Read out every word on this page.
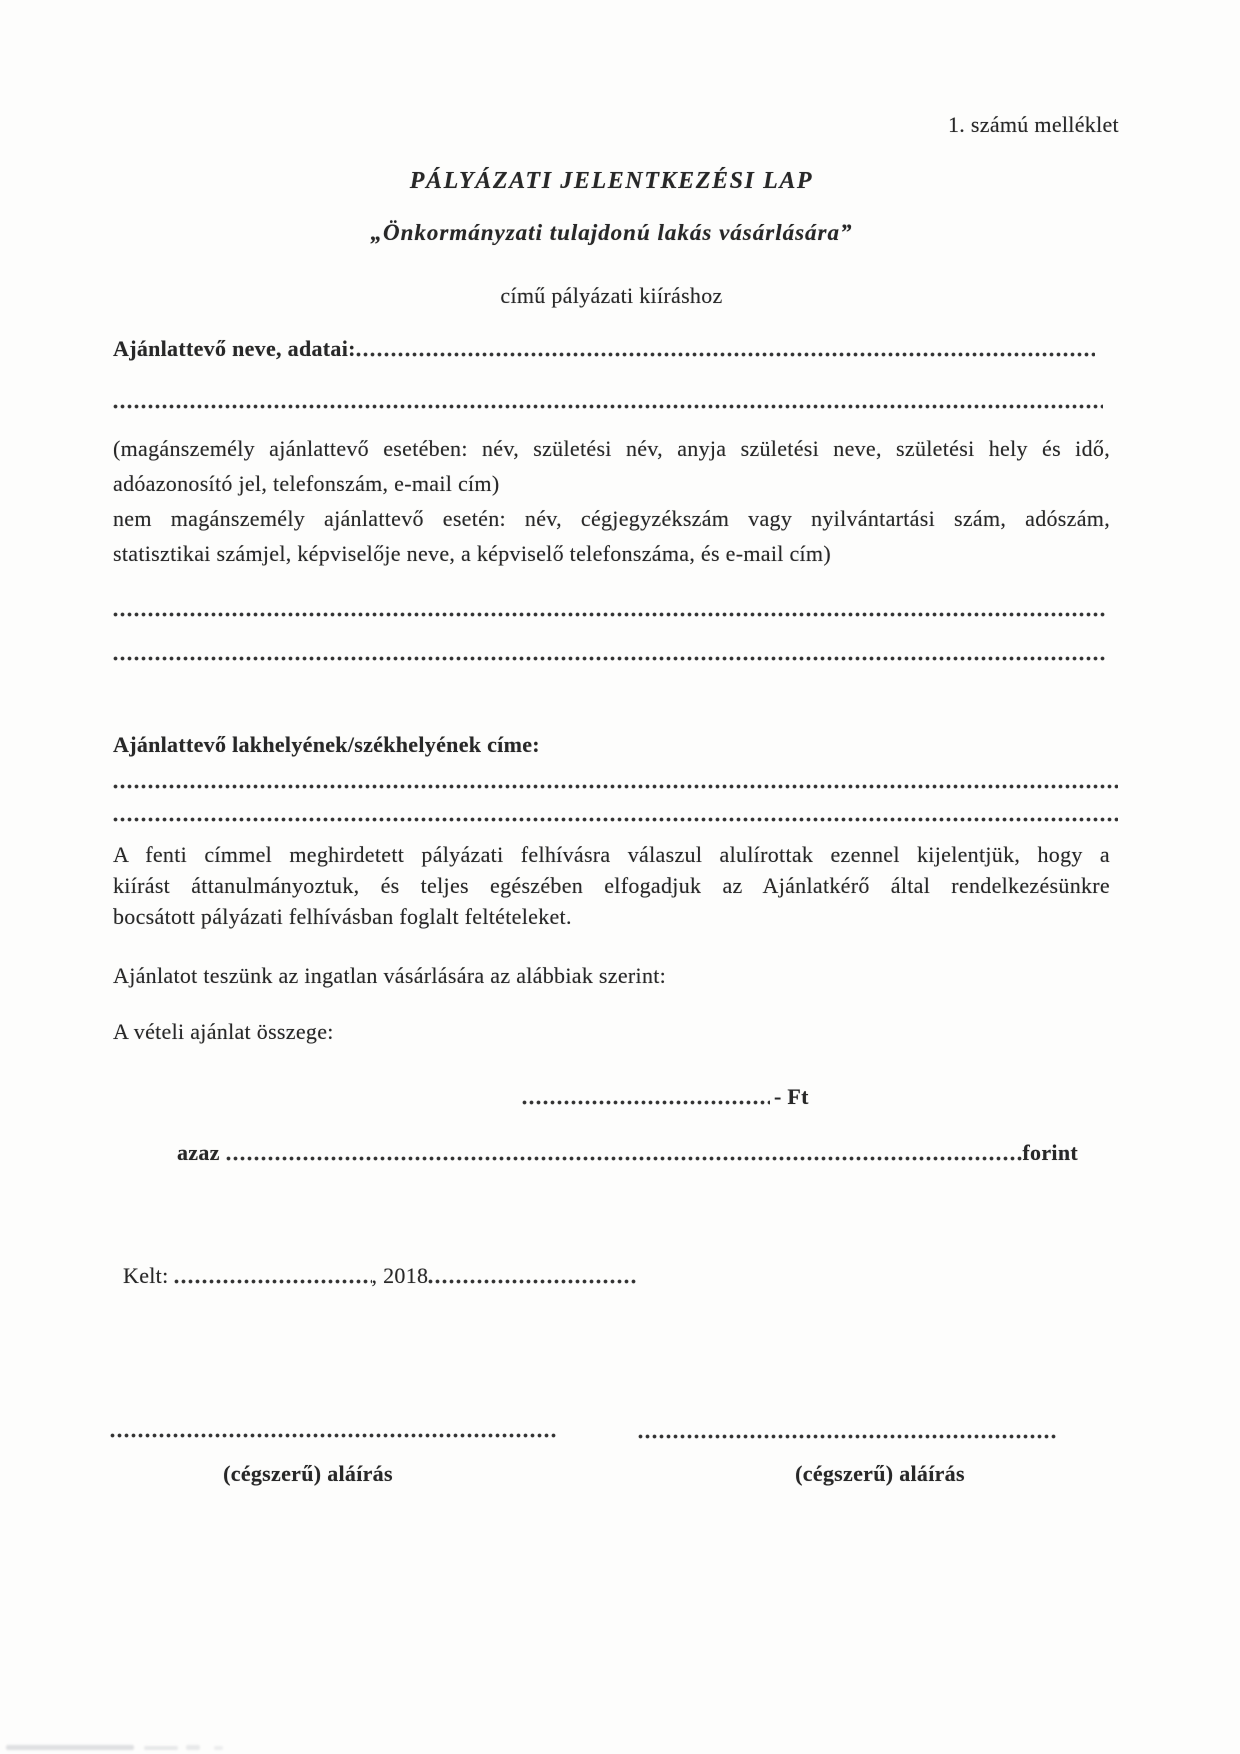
1. számú melléklet
PÁLYÁZATI JELENTKEZÉSI LAP
„Önkormányzati tulajdonú lakás vásárlására”
című pályázati kiíráshoz
Ajánlattevő neve, adatai:
(magánszemély ajánlattevő esetében: név, születési név, anyja születési neve, születési hely és idő,
adóazonosító jel, telefonszám, e-mail cím)
nem magánszemély ajánlattevő esetén: név, cégjegyzékszám vagy nyilvántartási szám, adószám,
statisztikai számjel, képviselője neve, a képviselő telefonszáma, és e-mail cím)
Ajánlattevő lakhelyének/székhelyének címe:
A fenti címmel meghirdetett pályázati felhívásra válaszul alulírottak ezennel kijelentjük, hogy a
kiírást áttanulmányoztuk, és teljes egészében elfogadjuk az Ajánlatkérő által rendelkezésünkre
bocsátott pályázati felhívásban foglalt feltételeket.
Ajánlatot teszünk az ingatlan vásárlására az alábbiak szerint:
A vételi ajánlat összege:
- Ft
azaz	forint
Kelt:	, 2018
(cégszerű) aláírás	(cégszerű) aláírás
